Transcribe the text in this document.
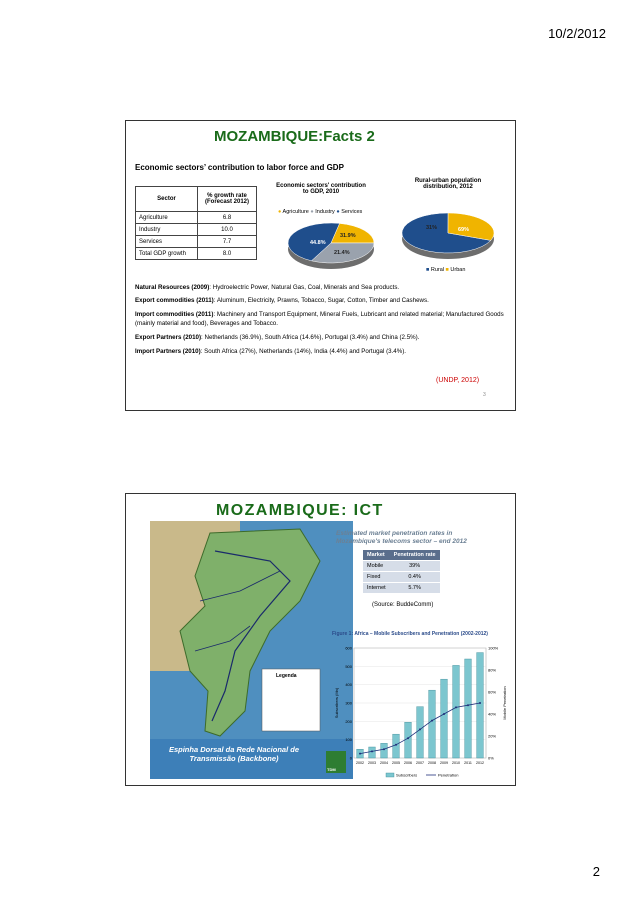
10/2/2012
MOZAMBIQUE:Facts 2
Economic sectors’ contribution to labor force and GDP
Sector	% growth rate (Forecast 2012)
Agriculture	6.8
Industry	10.0
Services	7.7
Total GDP growth	8.0
Economic sectors' contribution to GDP, 2010
● Agriculture ● Industry ● Services
44.8%
31.9%
21.4%
Rural-urban population distribution, 2012
31%	69%
■ Rural ■ Urban
Natural Resources (2009): Hydroelectric Power, Natural Gas, Coal, Minerals and Sea products.
Export commodities (2011): Aluminum, Electricity, Prawns, Tobacco, Sugar, Cotton, Timber and Cashews.
Import commodities (2011): Machinery and Transport Equipment, Mineral Fuels, Lubricant and related material; Manufactured Goods (mainly material and food), Beverages and Tobacco.
Export Partners (2010): Netherlands (36.9%), South Africa (14.6%), Portugal (3.4%) and China (2.5%).
Import Partners (2010): South Africa (27%), Netherlands (14%), India (4.4%) and Portugal (3.4%).
(UNDP, 2012)
3
Legenda
Espinha Dorsal da Rede Nacional de Transmissão (Backbone)
TDM
MOZAMBIQUE: ICT
Estimated market penetration rates in Mozambique's telecoms sector – end 2012
Market	Penetration rate
Mobile	39%
Fixed	0.4%
Internet	5.7%
(Source: BuddeComm)
Figure 1: Africa – Mobile Subscribers and Penetration (2002-2012)
0
100
200
300
400
500
600
0%
20%
40%
60%
80%
100%
Subscribers (Mn)	Mobile Penetration
2002 2003 2004 2005 2006 2007 2008 2009 2010 2011 2012
Subscribers	Penetration
2
